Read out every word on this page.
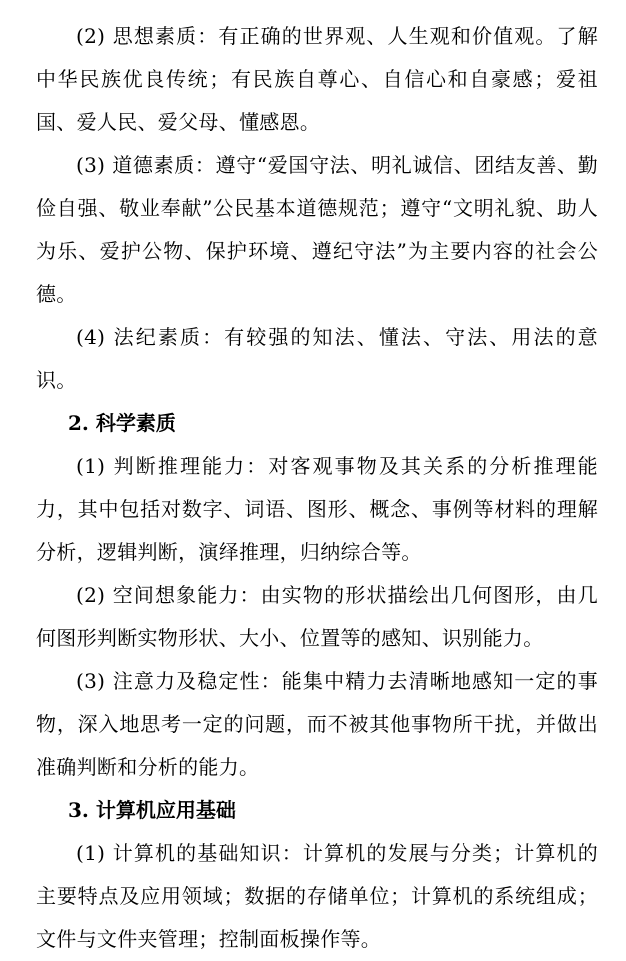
(2) 思想素质：有正确的世界观、人生观和价值观。了解中华民族优良传统；有民族自尊心、自信心和自豪感；爱祖国、爱人民、爱父母、懂感恩。

(3) 道德素质：遵守“爱国守法、明礼诚信、团结友善、勤俭自强、敬业奉献”公民基本道德规范；遵守“文明礼貌、助人为乐、爱护公物、保护环境、遵纪守法”为主要内容的社会公德。

(4) 法纪素质：有较强的知法、懂法、守法、用法的意识。

2. 科学素质

(1) 判断推理能力：对客观事物及其关系的分析推理能力，其中包括对数字、词语、图形、概念、事例等材料的理解分析，逻辑判断，演绎推理，归纳综合等。

(2) 空间想象能力：由实物的形状描绘出几何图形，由几何图形判断实物形状、大小、位置等的感知、识别能力。

(3) 注意力及稳定性：能集中精力去清晰地感知一定的事物，深入地思考一定的问题，而不被其他事物所干扰，并做出准确判断和分析的能力。

3. 计算机应用基础

(1) 计算机的基础知识：计算机的发展与分类；计算机的主要特点及应用领域；数据的存储单位；计算机的系统组成；文件与文件夹管理；控制面板操作等。
